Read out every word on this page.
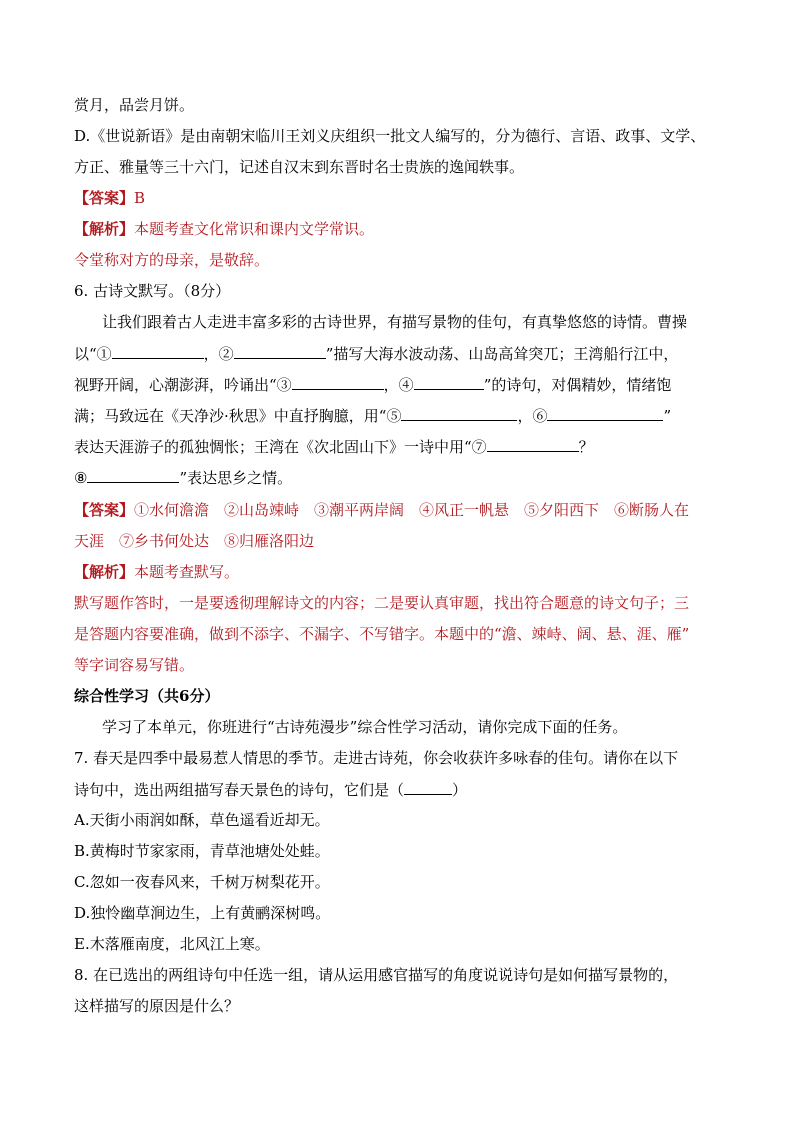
赏月，品尝月饼。
D.《世说新语》是由南朝宋临川王刘义庆组织一批文人编写的，分为德行、言语、政事、文学、
方正、雅量等三十六门，记述自汉末到东晋时名士贵族的逸闻轶事。
【答案】B
【解析】本题考查文化常识和课内文学常识。
令堂称对方的母亲，是敬辞。
6. 古诗文默写。（8分）
让我们跟着古人走进丰富多彩的古诗世界，有描写景物的佳句，有真挚悠悠的诗情。曹操
以“①	，②	”描写大海水波动荡、山岛高耸突兀；王湾船行江中，
视野开阔，心潮澎湃，吟诵出“③	，④	”的诗句，对偶精妙，情绪饱
满；马致远在《天净沙·秋思》中直抒胸臆，用“⑤	，⑥	”
表达天涯游子的孤独惆怅；王湾在《次北固山下》一诗中用“⑦	？
⑧	”表达思乡之情。
【答案】①水何澹澹　②山岛竦峙　③潮平两岸阔　④风正一帆悬　⑤夕阳西下　⑥断肠人在
天涯　⑦乡书何处达　⑧归雁洛阳边
【解析】本题考查默写。
默写题作答时，一是要透彻理解诗文的内容；二是要认真审题，找出符合题意的诗文句子；三
是答题内容要准确，做到不添字、不漏字、不写错字。本题中的“澹、竦峙、阔、悬、涯、雁”
等字词容易写错。
综合性学习（共6分）
学习了本单元，你班进行“古诗苑漫步”综合性学习活动，请你完成下面的任务。
7. 春天是四季中最易惹人情思的季节。走进古诗苑，你会收获许多咏春的佳句。请你在以下
诗句中，选出两组描写春天景色的诗句，它们是（	）
A.天街小雨润如酥，草色遥看近却无。
B.黄梅时节家家雨，青草池塘处处蛙。
C.忽如一夜春风来，千树万树梨花开。
D.独怜幽草涧边生，上有黄鹂深树鸣。
E.木落雁南度，北风江上寒。
8. 在已选出的两组诗句中任选一组，请从运用感官描写的角度说说诗句是如何描写景物的，
这样描写的原因是什么？
